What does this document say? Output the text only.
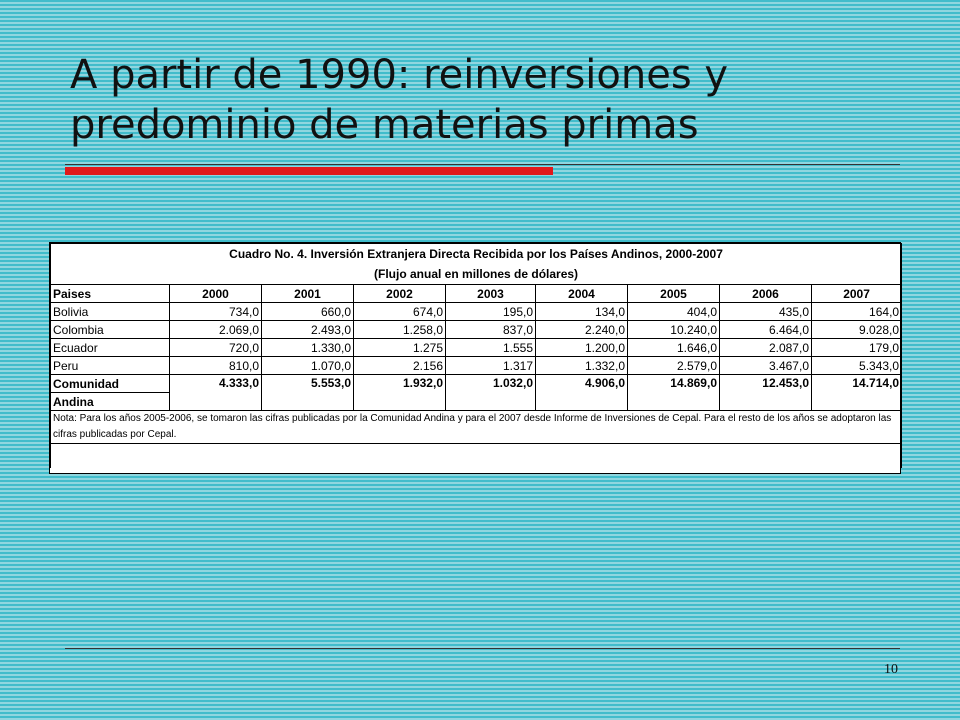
A partir de 1990: reinversiones y
predominio de materias primas
Cuadro No. 4. Inversión Extranjera Directa Recibida por los Países Andinos, 2000-2007								
(Flujo anual en millones de dólares)								
Paises	2000	2001	2002	2003	2004	2005	2006	2007
Bolivia	734,0	660,0	674,0	195,0	134,0	404,0	435,0	164,0
Colombia	2.069,0	2.493,0	1.258,0	837,0	2.240,0	10.240,0	6.464,0	9.028,0
Ecuador	720,0	1.330,0	1.275	1.555	1.200,0	1.646,0	2.087,0	179,0
Peru	810,0	1.070,0	2.156	1.317	1.332,0	2.579,0	3.467,0	5.343,0
Comunidad	4.333,0	5.553,0	1.932,0	1.032,0	4.906,0	14.869,0	12.453,0	14.714,0
Andina								
Nota: Para los años 2005-2006, se tomaron las cifras publicadas por la Comunidad Andina y para el 2007 desde Informe de Inversiones de Cepal. Para el resto de los años se adoptaron las cifras publicadas por Cepal.								

10
